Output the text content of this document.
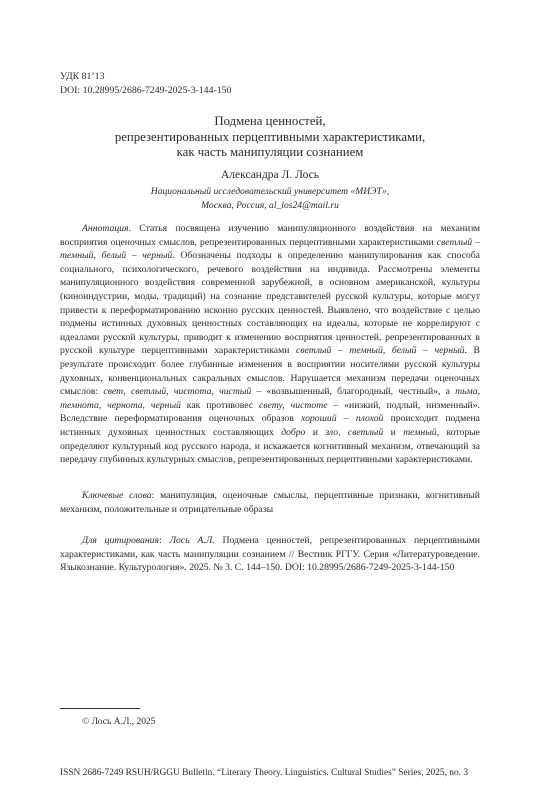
УДК 81’13
DOI: 10.28995/2686-7249-2025-3-144-150
Подмена ценностей,
репрезентированных перцептивными характеристиками,
как часть манипуляции сознанием
Александра Л. Лось
Национальный исследовательский университет «МИЭТ»,
Москва, Россия, al_los24@mail.ru

Аннотация. Статья посвящена изучению манипуляционного воздействия на механизм восприятия оценочных смыслов, репрезентированных перцептивными характеристиками светлый – темный, белый – черный. Обозначены подходы к определению манипулирования как способа социального, психологического, речевого воздействия на индивида. Рассмотрены элементы манипуляционного воздействия современной зарубежной, в основном американской, культуры (киноиндустрии, моды, традиций) на сознание представителей русской культуры, которые могут привести к переформатированию исконно русских ценностей. Выявлено, что воздействие с целью подмены истинных духовных ценностных составляющих на идеалы, которые не коррелируют с идеалами русской культуры, приводит к изменению восприятия ценностей, репрезентированных в русской культуре перцептивными характеристиками светлый – темный, белый – черный. В результате происходит более глубинные изменения в восприятии носителями русской культуры духовных, конвенциональных сакральных смыслов. Нарушается механизм передачи оценочных смыслов: свет, светлый, чистота, чистый – «возвышенный, благородный, честный», а тьма, темнота, чернота, черный как противовес свету, чистоте – «низкий, подлый, низменный». Вследствие переформатирования оценочных образов хороший – плохой происходит подмена истинных духовных ценностных составляющих добро и зло, светлый и темный, которые определяют культурный код русского народа, и искажается когнитивный механизм, отвечающий за передачу глубинных культурных смыслов, репрезентированных перцептивными характеристиками.

Ключевые слова: манипуляция, оценочные смыслы, перцептивные признаки, когнитивный механизм, положительные и отрицательные образы

Для цитирования: Лось А.Л. Подмена ценностей, репрезентированных перцептивными характеристиками, как часть манипуляции сознанием // Вестник РГГУ. Серия «Литературоведение. Языкознание. Культурология». 2025. № 3. С. 144–150. DOI: 10.28995/2686-7249-2025-3-144-150

© Лось А.Л., 2025
ISSN 2686-7249 RSUH/RGGU Bulletin. “Literary Theory. Linguistics. Cultural Studies” Series, 2025, no. 3
